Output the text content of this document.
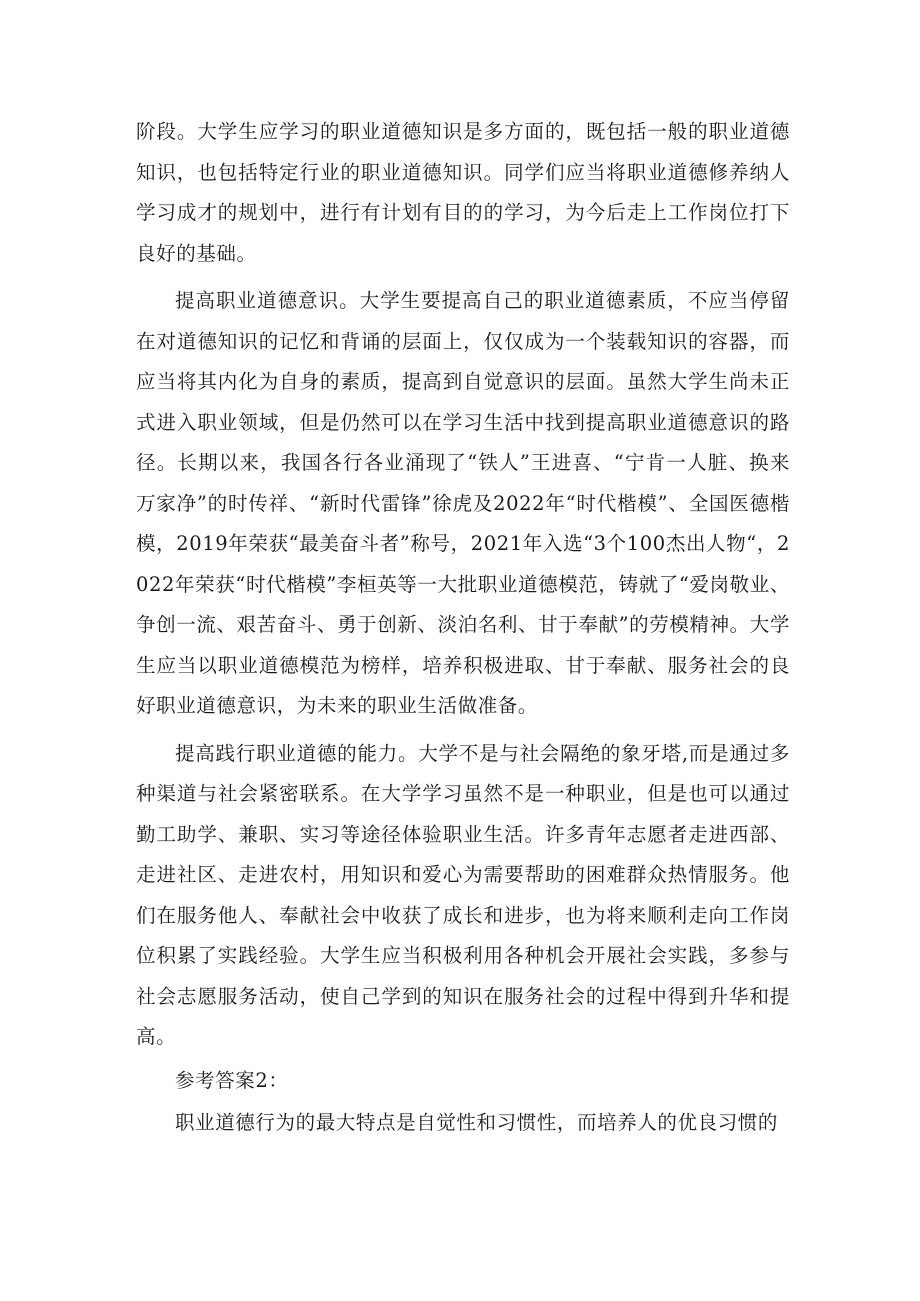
阶段。大学生应学习的职业道德知识是多方面的，既包括一般的职业道德知识，也包括特定行业的职业道德知识。同学们应当将职业道德修养纳人学习成才的规划中，进行有计划有目的的学习，为今后走上工作岗位打下良好的基础。

提高职业道德意识。大学生要提高自己的职业道德素质，不应当停留在对道德知识的记忆和背诵的层面上，仅仅成为一个装载知识的容器，而应当将其内化为自身的素质，提高到自觉意识的层面。虽然大学生尚未正式进入职业领域，但是仍然可以在学习生活中找到提高职业道德意识的路径。长期以来，我国各行各业涌现了“铁人”王进喜、“宁肯一人脏、换来万家净”的时传祥、“新时代雷锋”徐虎及2022年“时代楷模”、全国医德楷模，2019年荣获“最美奋斗者”称号，2021年入选“3个100杰出人物“，2022年荣获“时代楷模”李桓英等一大批职业道德模范，铸就了“爱岗敬业、争创一流、艰苦奋斗、勇于创新、淡泊名利、甘于奉献”的劳模精神。大学生应当以职业道德模范为榜样，培养积极进取、甘于奉献、服务社会的良好职业道德意识，为未来的职业生活做准备。

提高践行职业道德的能力。大学不是与社会隔绝的象牙塔,而是通过多种渠道与社会紧密联系。在大学学习虽然不是一种职业，但是也可以通过勤工助学、兼职、实习等途径体验职业生活。许多青年志愿者走进西部、走进社区、走进农村，用知识和爱心为需要帮助的困难群众热情服务。他们在服务他人、奉献社会中收获了成长和进步，也为将来顺利走向工作岗位积累了实践经验。大学生应当积极利用各种机会开展社会实践，多参与社会志愿服务活动，使自己学到的知识在服务社会的过程中得到升华和提高。

参考答案2：

职业道德行为的最大特点是自觉性和习惯性，而培养人的优良习惯的
